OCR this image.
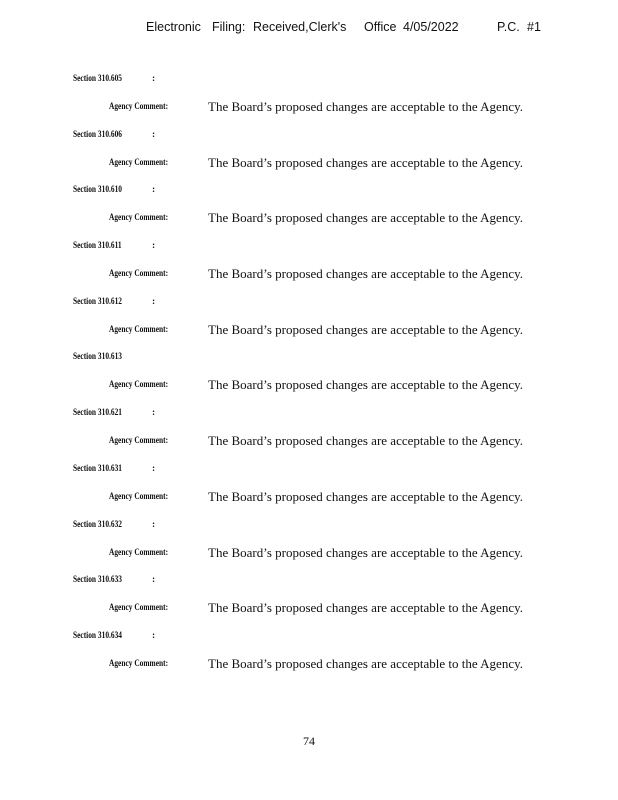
Electronic Filing: Received,Clerk's Office 4/05/2022	P.C. #1
Section 310.605	:
Agency Comment:	The Board’s proposed changes are acceptable to the Agency.
Section 310.606	:
Agency Comment:	The Board’s proposed changes are acceptable to the Agency.
Section 310.610	:
Agency Comment:	The Board’s proposed changes are acceptable to the Agency.
Section 310.611	:
Agency Comment:	The Board’s proposed changes are acceptable to the Agency.
Section 310.612	:
Agency Comment:	The Board’s proposed changes are acceptable to the Agency.
Section 310.613
Agency Comment:	The Board’s proposed changes are acceptable to the Agency.
Section 310.621	:
Agency Comment:	The Board’s proposed changes are acceptable to the Agency.
Section 310.631	:
Agency Comment:	The Board’s proposed changes are acceptable to the Agency.
Section 310.632	:
Agency Comment:	The Board’s proposed changes are acceptable to the Agency.
Section 310.633	:
Agency Comment:	The Board’s proposed changes are acceptable to the Agency.
Section 310.634	:
Agency Comment:	The Board’s proposed changes are acceptable to the Agency.
74
